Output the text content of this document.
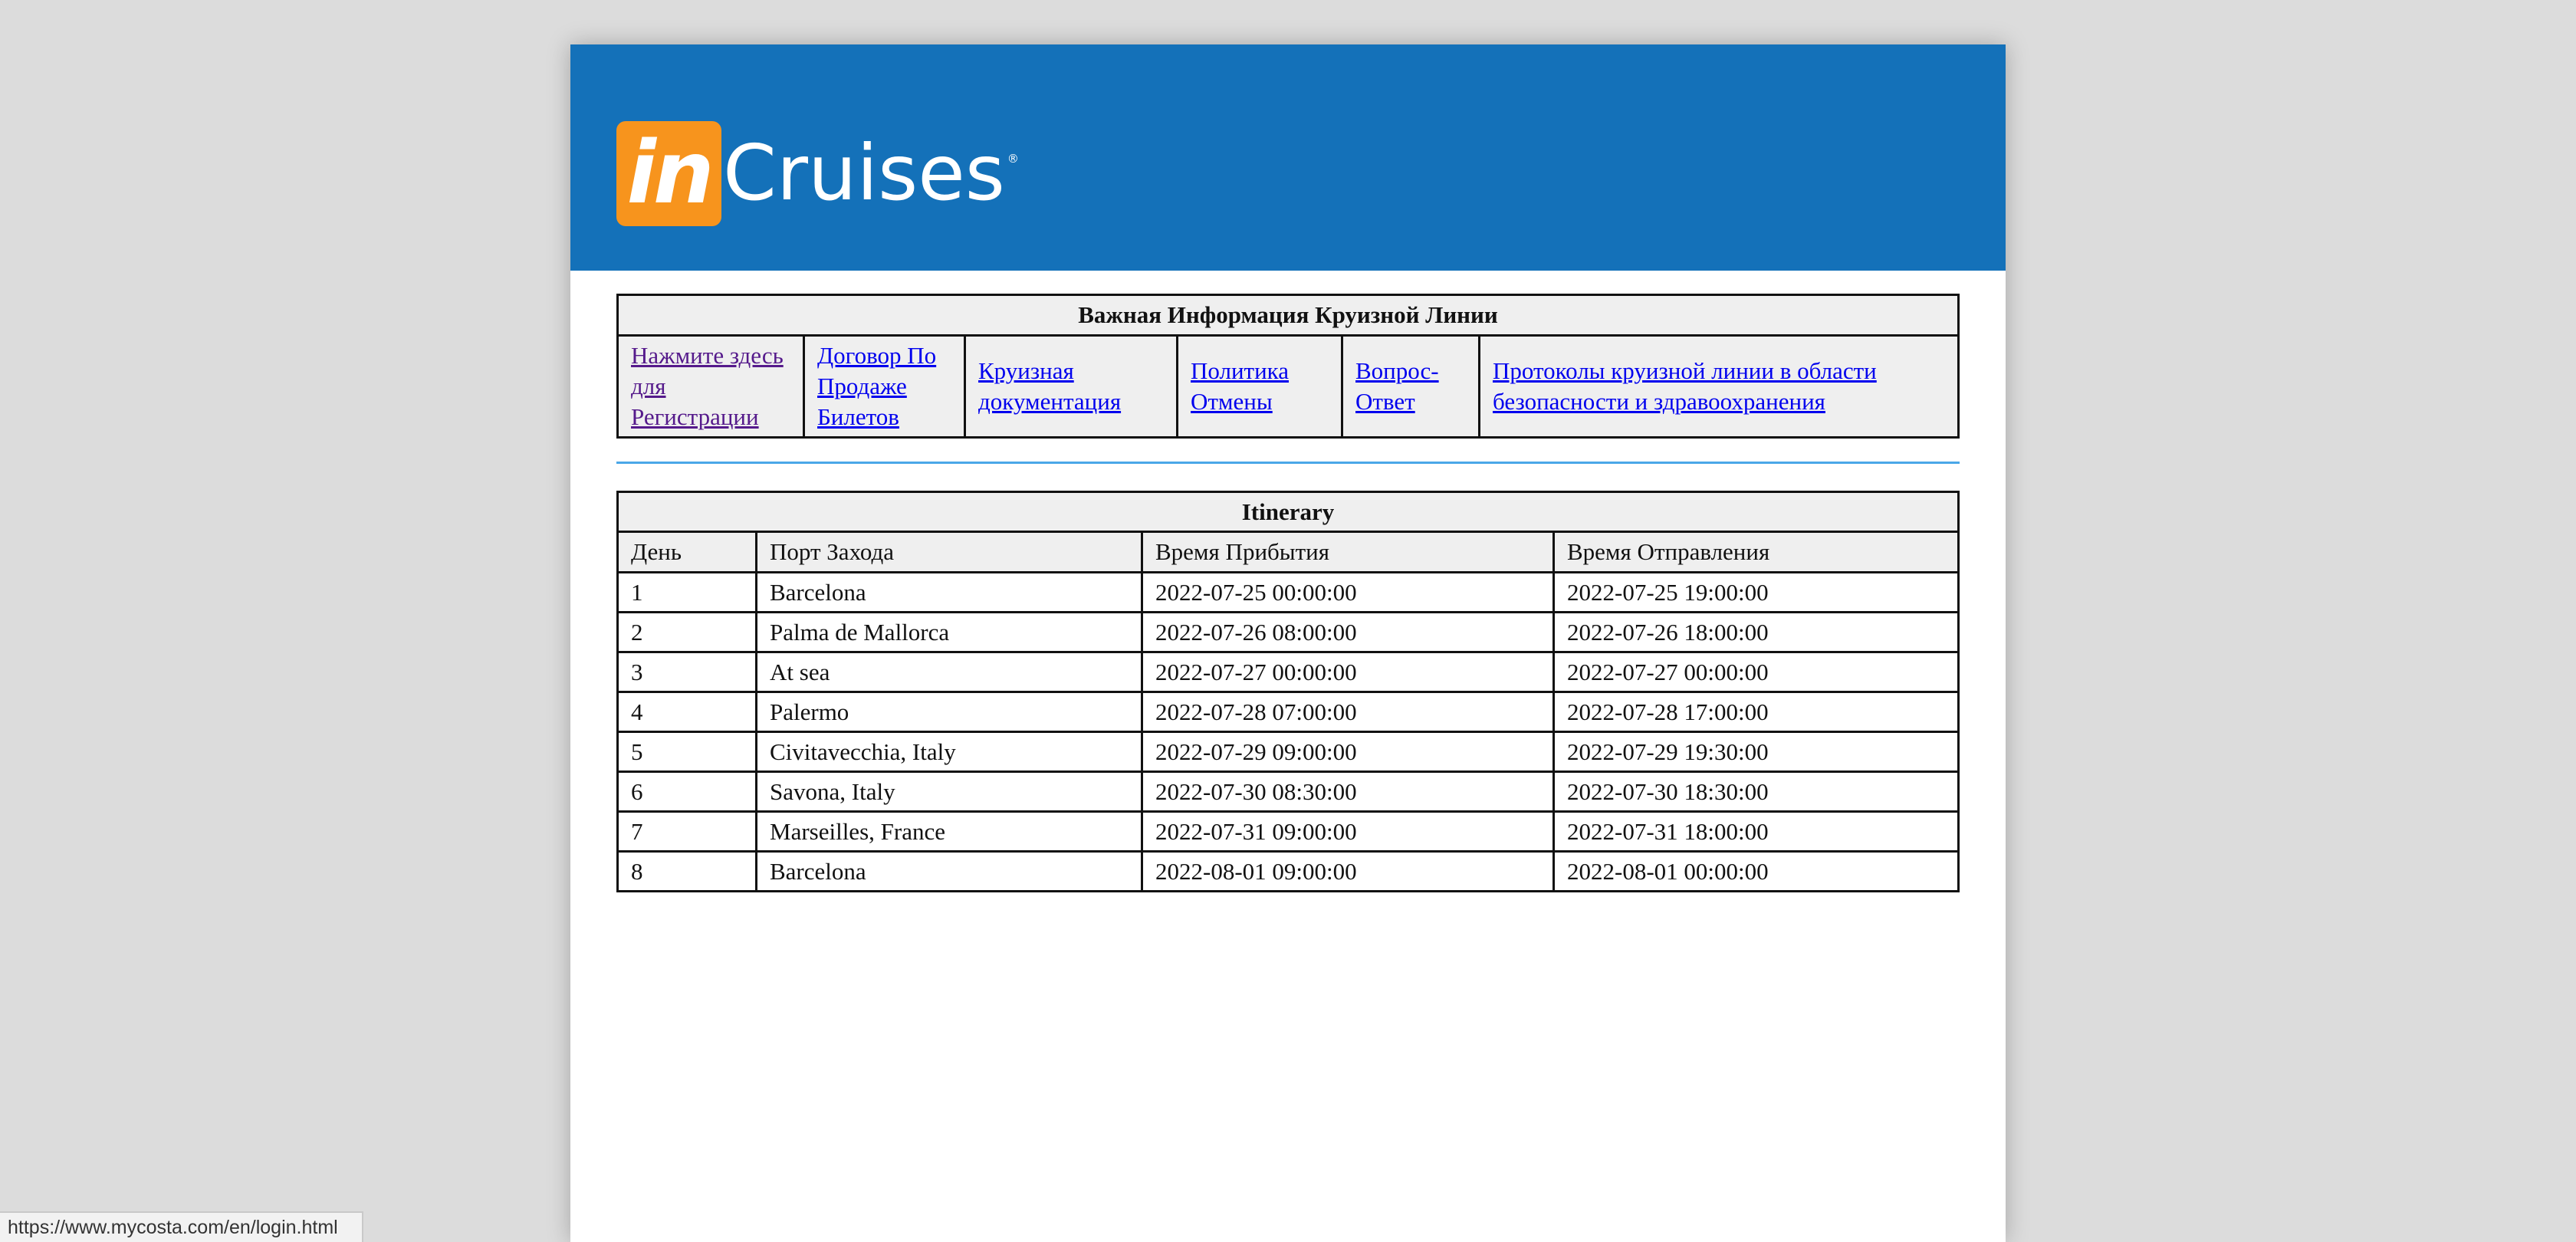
in Cruises ®
Важная Информация Круизной Линии
Нажмите здесь для Регистрации	Договор По Продаже Билетов	Круизная документация	Политика Отмены	Вопрос-Ответ	Протоколы круизной линии в области безопасности и здравоохранения
Itinerary			
День	Порт Захода	Время Прибытия	Время Отправления
1	Barcelona	2022-07-25 00:00:00	2022-07-25 19:00:00
2	Palma de Mallorca	2022-07-26 08:00:00	2022-07-26 18:00:00
3	At sea	2022-07-27 00:00:00	2022-07-27 00:00:00
4	Palermo	2022-07-28 07:00:00	2022-07-28 17:00:00
5	Civitavecchia, Italy	2022-07-29 09:00:00	2022-07-29 19:30:00
6	Savona, Italy	2022-07-30 08:30:00	2022-07-30 18:30:00
7	Marseilles, France	2022-07-31 09:00:00	2022-07-31 18:00:00
8	Barcelona	2022-08-01 09:00:00	2022-08-01 00:00:00
https://www.mycosta.com/en/login.html
